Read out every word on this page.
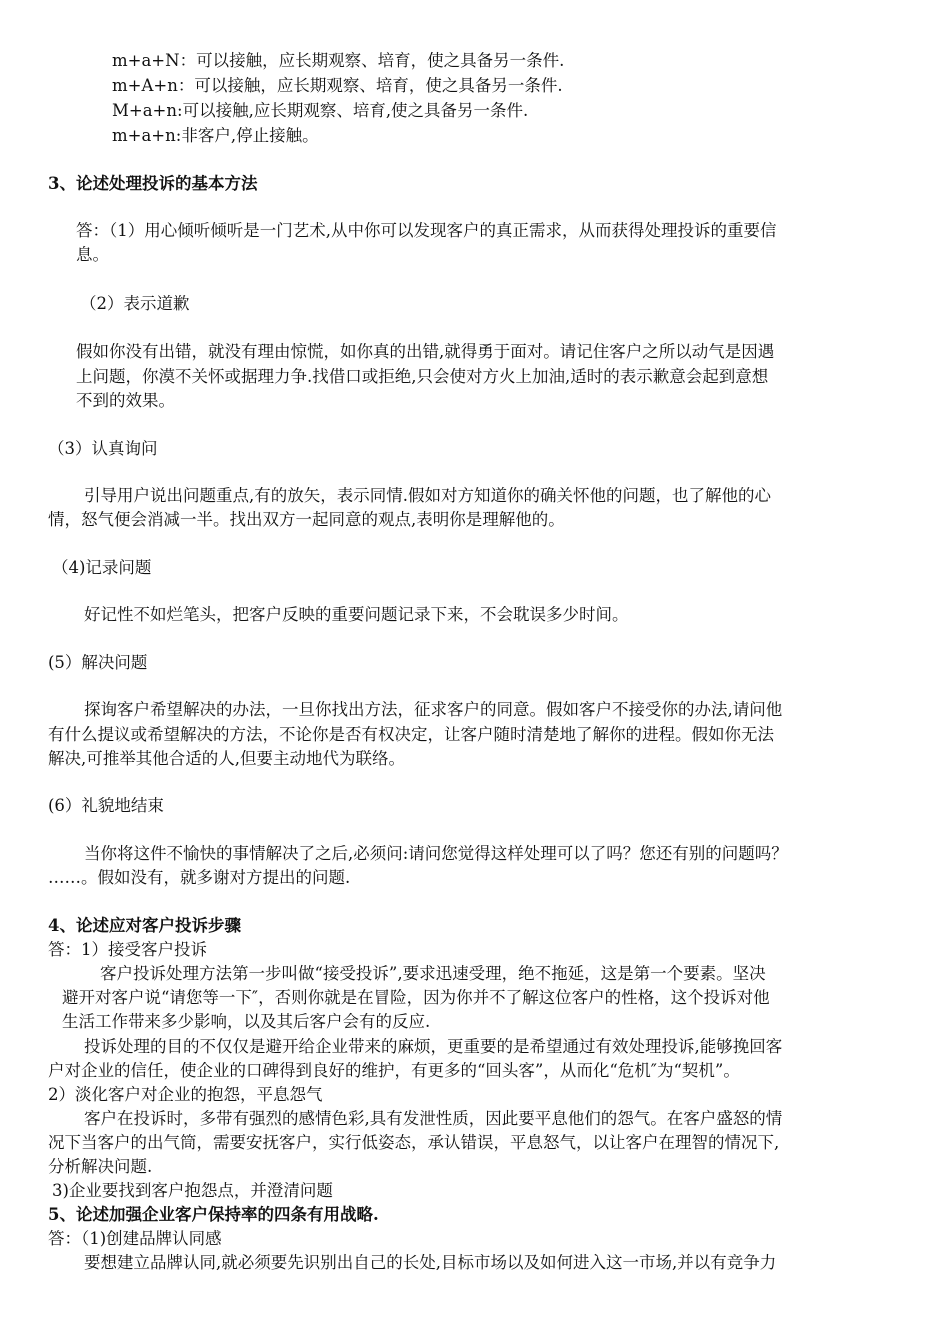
m+a+N：可以接触，应长期观察、培育，使之具备另一条件.
m+A+n：可以接触，应长期观察、培育，使之具备另一条件.
M+a+n:可以接触,应长期观察、培育,使之具备另一条件.
m+a+n:非客户,停止接触。
3、论述处理投诉的基本方法
答：（1）用心倾听倾听是一门艺术,从中你可以发现客户的真正需求，从而获得处理投诉的重要信
息。
（2）表示道歉
假如你没有出错，就没有理由惊慌，如你真的出错,就得勇于面对。请记住客户之所以动气是因遇
上问题，你漠不关怀或据理力争.找借口或拒绝,只会使对方火上加油,适时的表示歉意会起到意想
不到的效果。
（3）认真询问
引导用户说出问题重点,有的放矢，表示同情.假如对方知道你的确关怀他的问题，也了解他的心
情，怒气便会消减一半。找出双方一起同意的观点,表明你是理解他的。
（4)记录问题
好记性不如烂笔头，把客户反映的重要问题记录下来，不会耽误多少时间。
(5）解决问题
探询客户希望解决的办法，一旦你找出方法，征求客户的同意。假如客户不接受你的办法,请问他
有什么提议或希望解决的方法，不论你是否有权决定，让客户随时清楚地了解你的进程。假如你无法
解决,可推举其他合适的人,但要主动地代为联络。
(6）礼貌地结束
当你将这件不愉快的事情解决了之后,必须问:请问您觉得这样处理可以了吗？您还有别的问题吗？
……。假如没有，就多谢对方提出的问题.
4、论述应对客户投诉步骤
答：1）接受客户投诉
客户投诉处理方法第一步叫做“接受投诉”,要求迅速受理，绝不拖延，这是第一个要素。坚决
避开对客户说“请您等一下″，否则你就是在冒险，因为你并不了解这位客户的性格，这个投诉对他
生活工作带来多少影响，以及其后客户会有的反应.
投诉处理的目的不仅仅是避开给企业带来的麻烦，更重要的是希望通过有效处理投诉,能够挽回客
户对企业的信任，使企业的口碑得到良好的维护，有更多的“回头客”，从而化“危机″为“契机”。
2）淡化客户对企业的抱怨，平息怨气
客户在投诉时，多带有强烈的感情色彩,具有发泄性质，因此要平息他们的怨气。在客户盛怒的情
况下当客户的出气筒，需要安抚客户，实行低姿态，承认错误，平息怒气，以让客户在理智的情况下,
分析解决问题.
3)企业要找到客户抱怨点，并澄清问题
5、论述加强企业客户保持率的四条有用战略.
答：（1)创建品牌认同感
要想建立品牌认同,就必须要先识别出自己的长处,目标市场以及如何进入这一市场,并以有竞争力
